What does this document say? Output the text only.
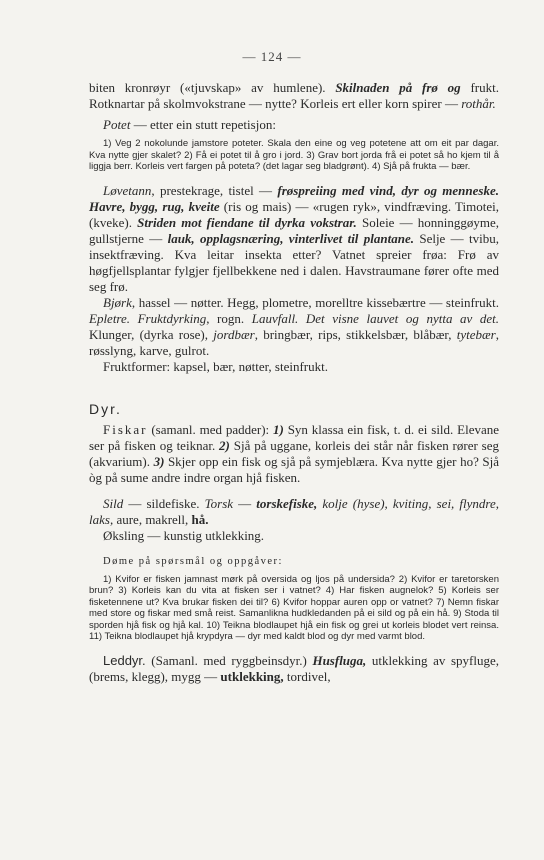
— 124 —

biten kronrøyr («tjuvskap» av humlene). Skilnaden på frø og frukt. Rotknartar på skolmvokstrane — nytte? Korleis ert eller korn spirer — rothår.

Potet — etter ein stutt repetisjon:

1) Veg 2 nokolunde jamstore poteter. Skala den eine og veg potetene att om eit par dagar. Kva nytte gjer skalet? 2) Få ei potet til å gro i jord. 3) Grav bort jorda frå ei potet så ho kjem til å liggja berr. Korleis vert fargen på poteta? (det lagar seg bladgrønt). 4) Sjå på frukta — bær.

Løvetann, prestekrage, tistel — frøspreiing med vind, dyr og menneske. Havre, bygg, rug, kveite (ris og mais) — «rugen ryk», vindfræving. Timotei, (kveke). Striden mot fiendane til dyrka vokstrar. Soleie — honninggøyme, gullstjerne — lauk, opplagsnæring, vinterlivet til plantane. Selje — tvibu, insektfræving. Kva leitar insekta etter? Vatnet spreier frøa: Frø av høgfjellsplantar fylgjer fjellbekkene ned i dalen. Havstraumane fører ofte med seg frø.

Bjørk, hassel — nøtter. Hegg, plometre, morelltre kissebærtre — steinfrukt. Epletre. Fruktdyrking, rogn. Lauvfall. Det visne lauvet og nytta av det. Klunger, (dyrka rose), jordbær, bringbær, rips, stikkelsbær, blåbær, tytebær, røsslyng, karve, gulrot.

Fruktformer: kapsel, bær, nøtter, steinfrukt.

Dyr.

Fiskar (samanl. med padder): 1) Syn klassa ein fisk, t. d. ei sild. Elevane ser på fisken og teiknar. 2) Sjå på uggane, korleis dei står når fisken rører seg (akvarium). 3) Skjer opp ein fisk og sjå på symjeblæra. Kva nytte gjer ho? Sjå òg på sume andre indre organ hjå fisken.

Sild — sildefiske. Torsk — torskefiske, kolje (hyse), kviting, sei, flyndre, laks, aure, makrell, hå.

Øksling — kunstig utklekking.

Døme på spørsmål og oppgåver:

1) Kvifor er fisken jamnast mørk på oversida og ljos på undersida? 2) Kvifor er taretorsken brun? 3) Korleis kan du vita at fisken ser i vatnet? 4) Har fisken augnelok? 5) Korleis ser fisketennene ut? Kva brukar fisken dei til? 6) Kvifor hoppar auren opp or vatnet? 7) Nemn fiskar med store og fiskar med små reist. Samanlikna hudkledanden på ei sild og på ein hå. 9) Stoda til sporden hjå fisk og hjå kal. 10) Teikna blodlaupet hjå ein fisk og grei ut korleis blodet vert reinsa. 11) Teikna blodlaupet hjå krypdyra — dyr med kaldt blod og dyr med varmt blod.

Leddyr. (Samanl. med ryggbeinsdyr.) Husfluga, utklekking av spyfluge, (brems, klegg), mygg — utklekking, tordivel,
